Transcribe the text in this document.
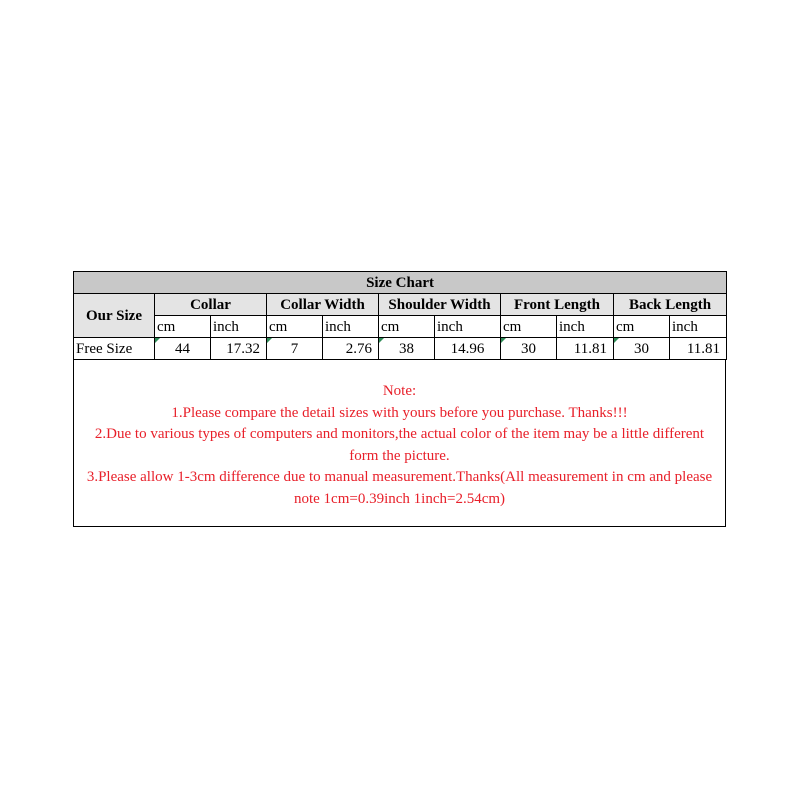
Size Chart										
Our Size	Collar		Collar Width		Shoulder Width		Front Length		Back Length	
	cm	inch	cm	inch	cm	inch	cm	inch	cm	inch
Free Size	44	17.32	7	2.76	38	14.96	30	11.81	30	11.81

Note:

1.Please compare the detail sizes with yours before you purchase. Thanks!!!

2.Due to various types of computers and monitors,the actual color of the item may be a little different form the picture.

3.Please allow 1-3cm difference due to manual measurement.Thanks(All measurement in cm and please note 1cm=0.39inch 1inch=2.54cm)
